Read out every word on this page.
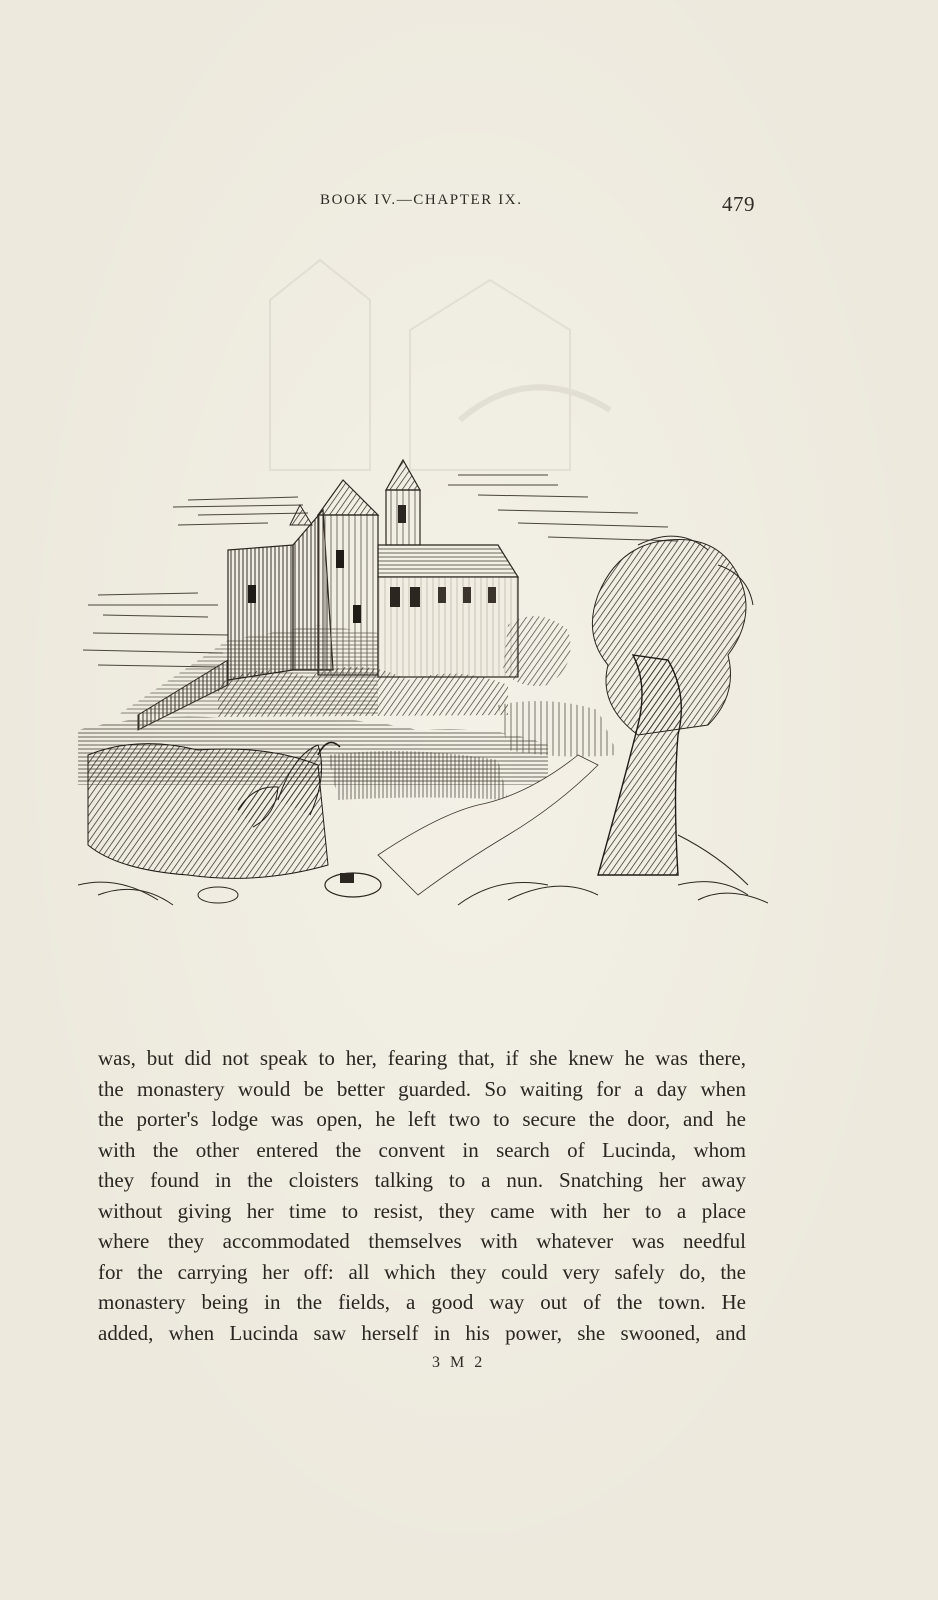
BOOK IV.—CHAPTER IX.	479
was, but did not speak to her, fearing that, if she knew he was there,
the monastery would be better guarded. So waiting for a day when
the porter's lodge was open, he left two to secure the door, and he
with the other entered the convent in search of Lucinda, whom
they found in the cloisters talking to a nun. Snatching her away
without giving her time to resist, they came with her to a place
where they accommodated themselves with whatever was needful
for the carrying her off: all which they could very safely do, the
monastery being in the fields, a good way out of the town. He
added, when Lucinda saw herself in his power, she swooned, and
3 M 2
